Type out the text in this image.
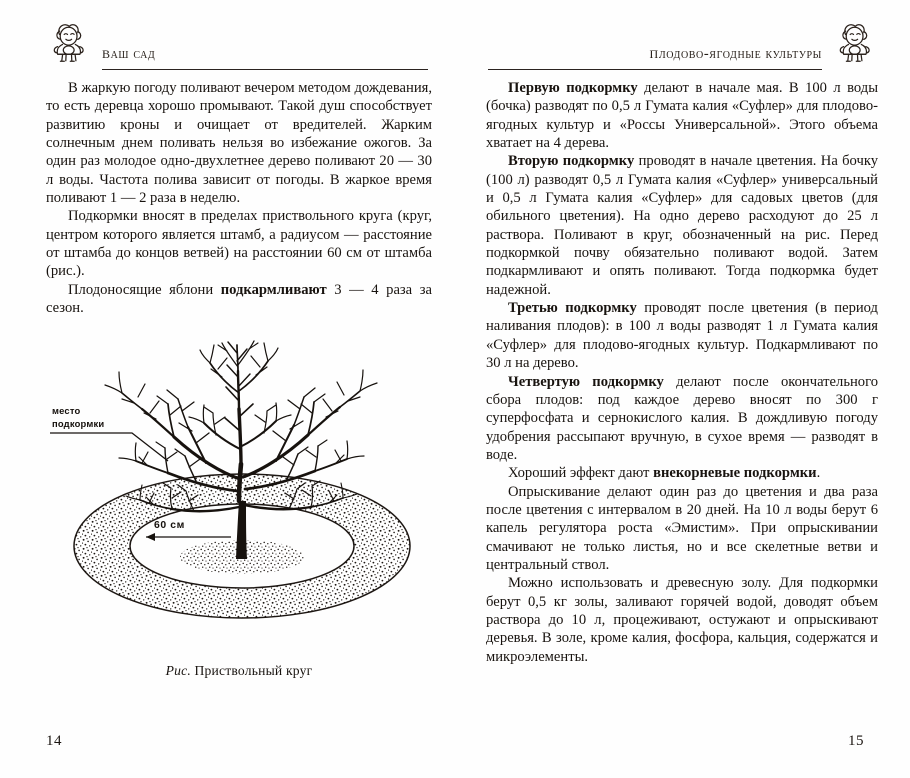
ваш сад

В жаркую погоду поливают вечером методом дождевания, то есть деревца хорошо промывают. Такой душ способствует развитию кроны и очищает от вредителей. Жарким солнечным днем поливать нельзя во избежание ожогов. За один раз молодое одно-двухлетнее дерево поливают 20 — 30 л воды. Частота полива зависит от погоды. В жаркое время поливают 1 — 2 раза в неделю.

Подкормки вносят в пределах приствольного круга (круг, центром которого является штамб, а радиусом — расстояние от штамба до концов ветвей) на расстоянии 60 см от штамба (рис.).

Плодоносящие яблони подкармливают 3 — 4 раза за сезон.

место
подкормки
60 см
Рис. Приствольный круг
14
плодово-ягодные культуры

Первую подкормку делают в начале мая. В 100 л воды (бочка) разводят по 0,5 л Гумата калия «Суфлер» для плодово-ягодных культур и «Россы Универсальной». Этого объема хватает на 4 дерева.

Вторую подкормку проводят в начале цветения. На бочку (100 л) разводят 0,5 л Гумата калия «Суфлер» универсальный и 0,5 л Гумата калия «Суфлер» для садовых цветов (для обильного цветения). На одно дерево расходуют до 25 л раствора. Поливают в круг, обозначенный на рис. Перед подкормкой почву обязательно поливают водой. Затем подкармливают и опять поливают. Тогда подкормка будет надежной.

Третью подкормку проводят после цветения (в период наливания плодов): в 100 л воды разводят 1 л Гумата калия «Суфлер» для плодово-ягодных культур. Подкармливают по 30 л на дерево.

Четвертую подкормку делают после окончательного сбора плодов: под каждое дерево вносят по 300 г суперфосфата и сернокислого калия. В дождливую погоду удобрения рассыпают вручную, в сухое время — разводят в воде.

Хороший эффект дают внекорневые подкормки.

Опрыскивание делают один раз до цветения и два раза после цветения с интервалом в 20 дней. На 10 л воды берут 6 капель регулятора роста «Эмистим». При опрыскивании смачивают не только листья, но и все скелетные ветви и центральный ствол.

Можно использовать и древесную золу. Для подкормки берут 0,5 кг золы, заливают горячей водой, доводят объем раствора до 10 л, процеживают, остужают и опрыскивают деревья. В золе, кроме калия, фосфора, кальция, содержатся и микроэлементы.

15
